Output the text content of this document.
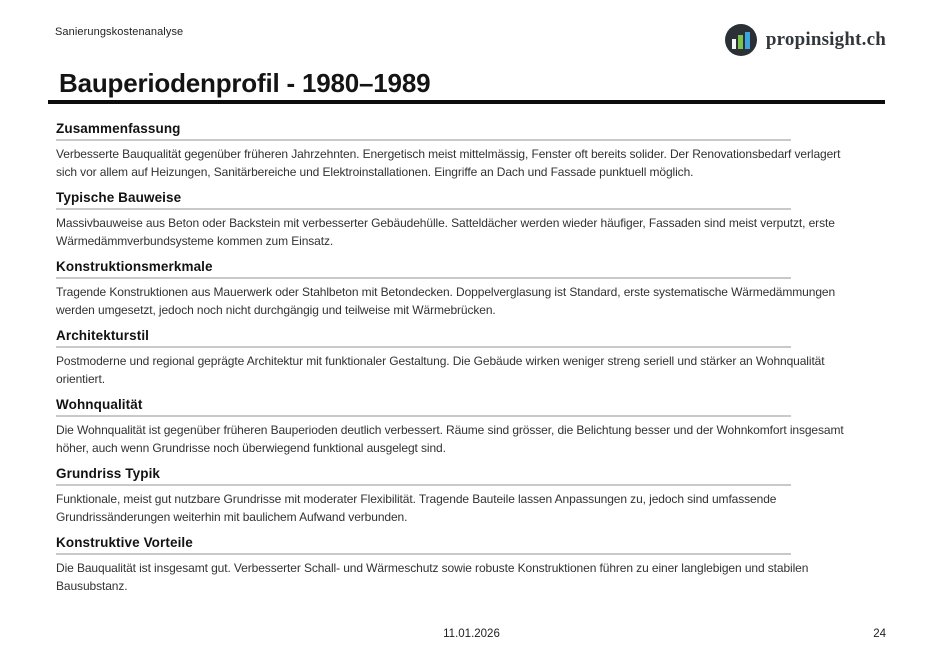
Sanierungskostenanalyse	propinsight.ch
Bauperiodenprofil - 1980–1989
Zusammenfassung
Verbesserte Bauqualität gegenüber früheren Jahrzehnten. Energetisch meist mittelmässig, Fenster oft bereits solider. Der Renovationsbedarf verlagert sich vor allem auf Heizungen, Sanitärbereiche und Elektroinstallationen. Eingriffe an Dach und Fassade punktuell möglich.
Typische Bauweise
Massivbauweise aus Beton oder Backstein mit verbesserter Gebäudehülle. Satteldächer werden wieder häufiger, Fassaden sind meist verputzt, erste Wärmedämmverbundsysteme kommen zum Einsatz.
Konstruktionsmerkmale
Tragende Konstruktionen aus Mauerwerk oder Stahlbeton mit Betondecken. Doppelverglasung ist Standard, erste systematische Wärmedämmungen werden umgesetzt, jedoch noch nicht durchgängig und teilweise mit Wärmebrücken.
Architekturstil
Postmoderne und regional geprägte Architektur mit funktionaler Gestaltung. Die Gebäude wirken weniger streng seriell und stärker an Wohnqualität orientiert.
Wohnqualität
Die Wohnqualität ist gegenüber früheren Bauperioden deutlich verbessert. Räume sind grösser, die Belichtung besser und der Wohnkomfort insgesamt höher, auch wenn Grundrisse noch überwiegend funktional ausgelegt sind.
Grundriss Typik
Funktionale, meist gut nutzbare Grundrisse mit moderater Flexibilität. Tragende Bauteile lassen Anpassungen zu, jedoch sind umfassende Grundrissänderungen weiterhin mit baulichem Aufwand verbunden.
Konstruktive Vorteile
Die Bauqualität ist insgesamt gut. Verbesserter Schall- und Wärmeschutz sowie robuste Konstruktionen führen zu einer langlebigen und stabilen Bausubstanz.
11.01.2026	24
